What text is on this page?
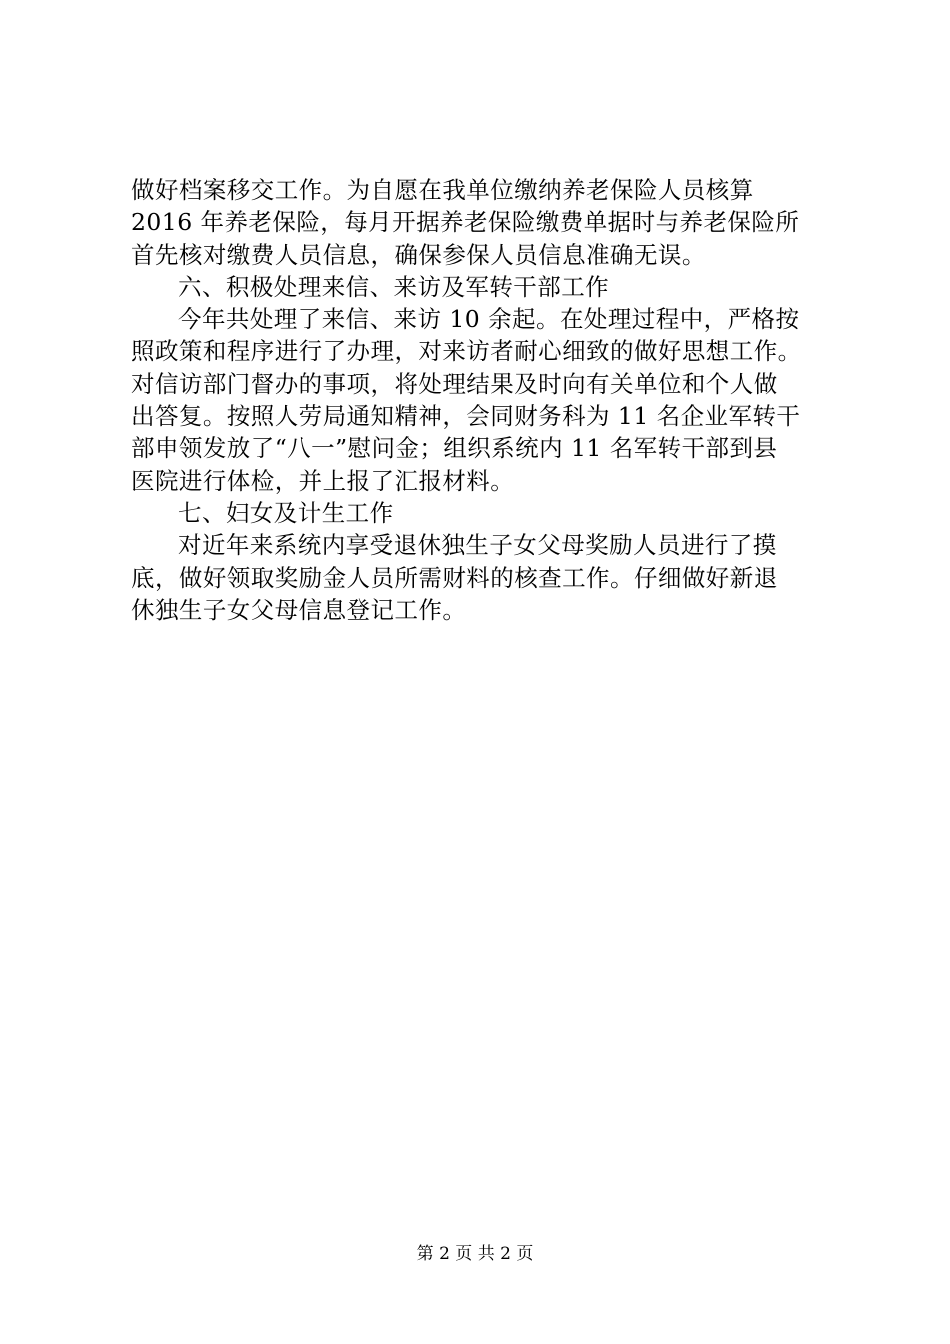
做好档案移交工作。为自愿在我单位缴纳养老保险人员核算
2016 年养老保险，每月开据养老保险缴费单据时与养老保险所
首先核对缴费人员信息，确保参保人员信息准确无误。
六、积极处理来信、来访及军转干部工作
今年共处理了来信、来访 10 余起。在处理过程中，严格按
照政策和程序进行了办理，对来访者耐心细致的做好思想工作。
对信访部门督办的事项，将处理结果及时向有关单位和个人做
出答复。按照人劳局通知精神，会同财务科为 11 名企业军转干
部申领发放了“八一”慰问金；组织系统内 11 名军转干部到县
医院进行体检，并上报了汇报材料。
七、妇女及计生工作
对近年来系统内享受退休独生子女父母奖励人员进行了摸
底，做好领取奖励金人员所需财料的核查工作。仔细做好新退
休独生子女父母信息登记工作。
第 2 页 共 2 页
